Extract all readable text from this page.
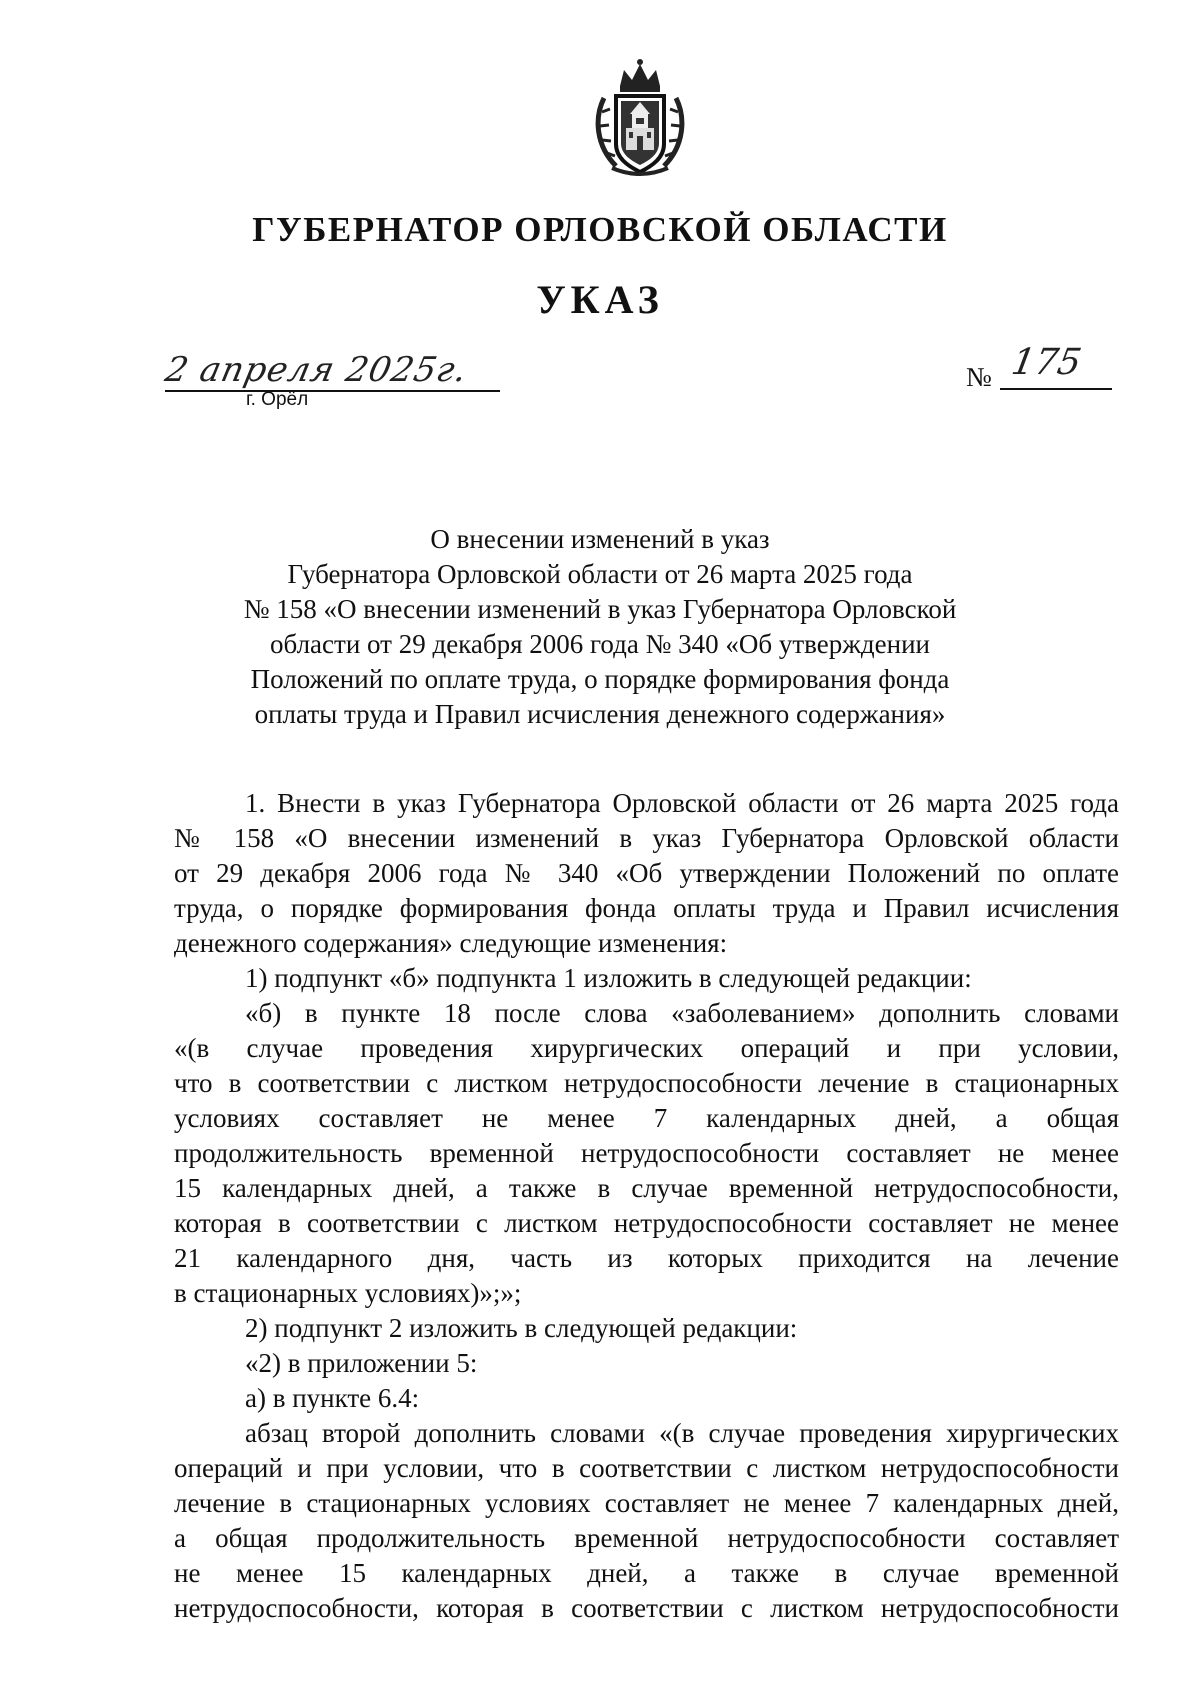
ГУБЕРНАТОР ОРЛОВСКОЙ ОБЛАСТИ
УКАЗ
2 апреля 2025г.
г. Орёл
№ 175
О внесении изменений в указ
Губернатора Орловской области от 26 марта 2025 года
№ 158 «О внесении изменений в указ Губернатора Орловской
области от 29 декабря 2006 года № 340 «Об утверждении
Положений по оплате труда, о порядке формирования фонда
оплаты труда и Правил исчисления денежного содержания»
1. Внести в указ Губернатора Орловской области от 26 марта 2025 года
№ 158 «О внесении изменений в указ Губернатора Орловской области
от 29 декабря 2006 года № 340 «Об утверждении Положений по оплате
труда, о порядке формирования фонда оплаты труда и Правил исчисления
денежного содержания» следующие изменения:
1) подпункт «б» подпункта 1 изложить в следующей редакции:
«б) в пункте 18 после слова «заболеванием» дополнить словами
«(в случае проведения хирургических операций и при условии,
что в соответствии с листком нетрудоспособности лечение в стационарных
условиях составляет не менее 7 календарных дней, а общая
продолжительность временной нетрудоспособности составляет не менее
15 календарных дней, а также в случае временной нетрудоспособности,
которая в соответствии с листком нетрудоспособности составляет не менее
21 календарного дня, часть из которых приходится на лечение
в стационарных условиях)»;»;
2) подпункт 2 изложить в следующей редакции:
«2) в приложении 5:
а) в пункте 6.4:
абзац второй дополнить словами «(в случае проведения хирургических
операций и при условии, что в соответствии с листком нетрудоспособности
лечение в стационарных условиях составляет не менее 7 календарных дней,
а общая продолжительность временной нетрудоспособности составляет
не менее 15 календарных дней, а также в случае временной
нетрудоспособности, которая в соответствии с листком нетрудоспособности
